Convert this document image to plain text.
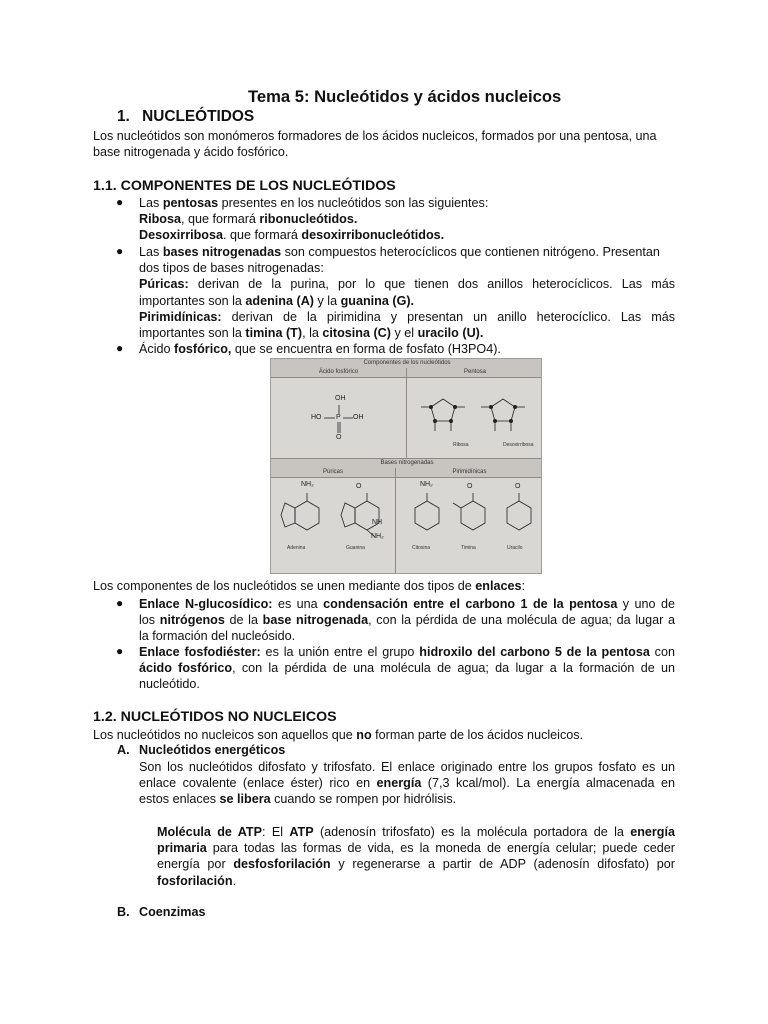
Tema 5: Nucleótidos y ácidos nucleicos
1. NUCLEÓTIDOS
Los nucleótidos son monómeros formadores de los ácidos nucleicos, formados por una pentosa, una
base nitrogenada y ácido fosfórico.
1.1. COMPONENTES DE LOS NUCLEÓTIDOS
● Las pentosas presentes en los nucleótidos son las siguientes:
Ribosa, que formará ribonucleótidos.
Desoxirribosa. que formará desoxirribonucleótidos.
● Las bases nitrogenadas son compuestos heterocíclicos que contienen nitrógeno. Presentan
dos tipos de bases nitrogenadas:
Púricas: derivan de la purina, por lo que tienen dos anillos heterocíclicos. Las más
importantes son la adenina (A) y la guanina (G).
Pirimidínicas: derivan de la pirimidina y presentan un anillo heterocíclico. Las más
importantes son la timina (T), la citosina (C) y el uracilo (U).
● Ácido fosfórico, que se encuentra en forma de fosfato (H3PO4).
Componentes de los nucleótidos
Ácido fosfórico	Pentosa
Bases nitrogenadas
Púricas	Pirimidínicas
OH
HO P OH
O
Ribosa	Desoxirribosa
NH₂	O
NH
NH₂
Adenina	Guanina
NH₂	O	O
Citosina	Timina	Uracilo
Los componentes de los nucleótidos se unen mediante dos tipos de enlaces:
● Enlace N-glucosídico: es una condensación entre el carbono 1 de la pentosa y uno de
los nitrógenos de la base nitrogenada, con la pérdida de una molécula de agua; da lugar a
la formación del nucleósido.
● Enlace fosfodiéster: es la unión entre el grupo hidroxilo del carbono 5 de la pentosa con
ácido fosfórico, con la pérdida de una molécula de agua; da lugar a la formación de un
nucleótido.
1.2. NUCLEÓTIDOS NO NUCLEICOS
Los nucleótidos no nucleicos son aquellos que no forman parte de los ácidos nucleicos.
A. Nucleótidos energéticos
Son los nucleótidos difosfato y trifosfato. El enlace originado entre los grupos fosfato es un
enlace covalente (enlace éster) rico en energía (7,3 kcal/mol). La energía almacenada en
estos enlaces se libera cuando se rompen por hidrólisis.
Molécula de ATP: El ATP (adenosín trifosfato) es la molécula portadora de la energía
primaria para todas las formas de vida, es la moneda de energía celular; puede ceder
energía por desfosforilación y regenerarse a partir de ADP (adenosín difosfato) por
fosforilación.
B. Coenzimas
